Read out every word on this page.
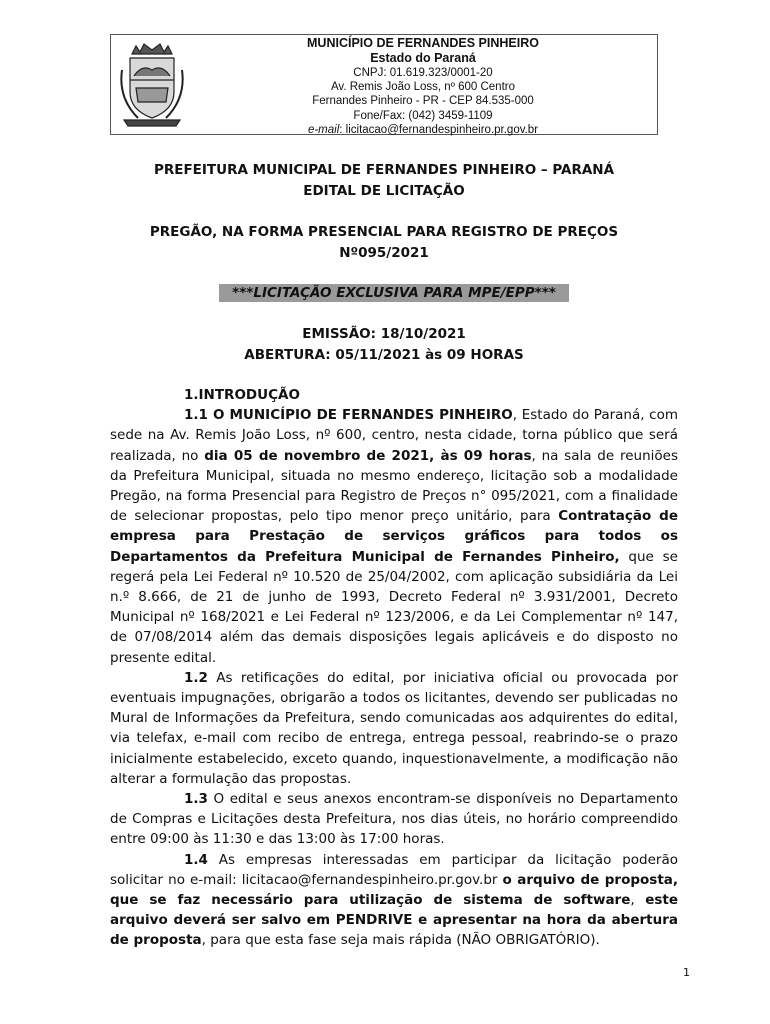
MUNICÍPIO DE FERNANDES PINHEIRO
Estado do Paraná
CNPJ: 01.619.323/0001-20
Av. Remis João Loss, nº 600 Centro
Fernandes Pinheiro - PR - CEP 84.535-000
Fone/Fax: (042) 3459-1109
e-mail: licitacao@fernandespinheiro.pr.gov.br
PREFEITURA MUNICIPAL DE FERNANDES PINHEIRO – PARANÁ
EDITAL DE LICITAÇÃO
PREGÃO, NA FORMA PRESENCIAL PARA REGISTRO DE PREÇOS
Nº095/2021
***LICITAÇÃO EXCLUSIVA PARA MPE/EPP***
EMISSÃO: 18/10/2021
ABERTURA: 05/11/2021 às 09 HORAS

1.INTRODUÇÃO

1.1 O MUNICÍPIO DE FERNANDES PINHEIRO, Estado do Paraná, com sede na Av. Remis João Loss, nº 600, centro, nesta cidade, torna público que será realizada, no dia 05 de novembro de 2021, às 09 horas, na sala de reuniões da Prefeitura Municipal, situada no mesmo endereço, licitação sob a modalidade Pregão, na forma Presencial para Registro de Preços n° 095/2021, com a finalidade de selecionar propostas, pelo tipo menor preço unitário, para Contratação de empresa para Prestação de serviços gráficos para todos os Departamentos da Prefeitura Municipal de Fernandes Pinheiro, que se regerá pela Lei Federal nº 10.520 de 25/04/2002, com aplicação subsidiária da Lei n.º 8.666, de 21 de junho de 1993, Decreto Federal nº 3.931/2001, Decreto Municipal nº 168/2021 e Lei Federal nº 123/2006, e da Lei Complementar nº 147, de 07/08/2014 além das demais disposições legais aplicáveis e do disposto no presente edital.

1.2 As retificações do edital, por iniciativa oficial ou provocada por eventuais impugnações, obrigarão a todos os licitantes, devendo ser publicadas no Mural de Informações da Prefeitura, sendo comunicadas aos adquirentes do edital, via telefax, e-mail com recibo de entrega, entrega pessoal, reabrindo-se o prazo inicialmente estabelecido, exceto quando, inquestionavelmente, a modificação não alterar a formulação das propostas.

1.3 O edital e seus anexos encontram-se disponíveis no Departamento de Compras e Licitações desta Prefeitura, nos dias úteis, no horário compreendido entre 09:00 às 11:30 e das 13:00 às 17:00 horas.

1.4 As empresas interessadas em participar da licitação poderão solicitar no e-mail: licitacao@fernandespinheiro.pr.gov.br o arquivo de proposta, que se faz necessário para utilização de sistema de software, este arquivo deverá ser salvo em PENDRIVE e apresentar na hora da abertura de proposta, para que esta fase seja mais rápida (NÃO OBRIGATÓRIO).

1
